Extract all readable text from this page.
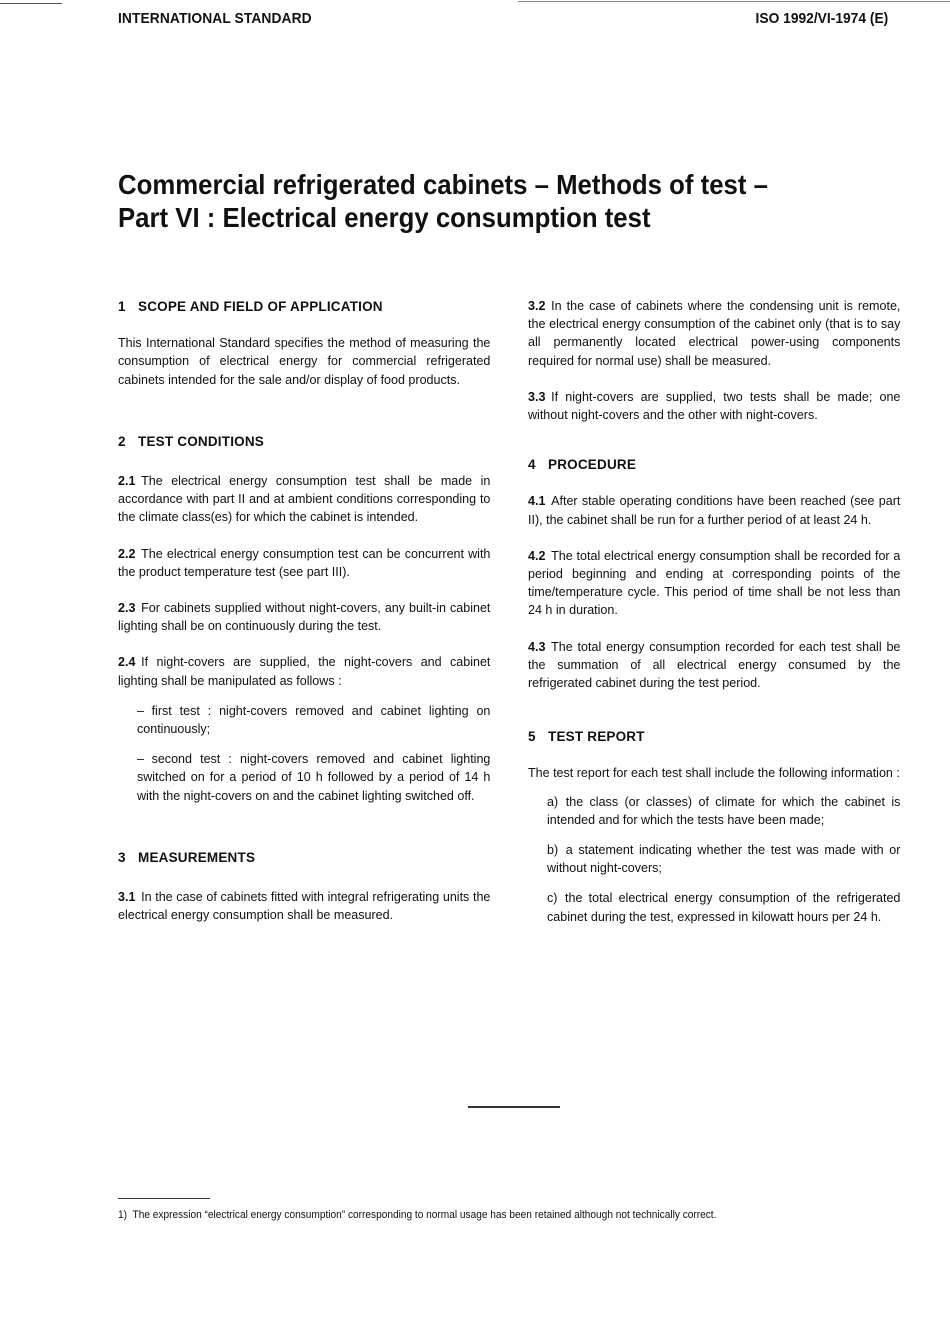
INTERNATIONAL STANDARD	ISO 1992/VI-1974 (E)
Commercial refrigerated cabinets – Methods of test –
Part VI : Electrical energy consumption test
1 SCOPE AND FIELD OF APPLICATION

This International Standard specifies the method of measuring the consumption of electrical energy for commercial refrigerated cabinets intended for the sale and/or display of food products.

2 TEST CONDITIONS

2.1 The electrical energy consumption test shall be made in accordance with part II and at ambient conditions corresponding to the climate class(es) for which the cabinet is intended.

2.2 The electrical energy consumption test can be concurrent with the product temperature test (see part III).

2.3 For cabinets supplied without night-covers, any built-in cabinet lighting shall be on continuously during the test.

2.4 If night-covers are supplied, the night-covers and cabinet lighting shall be manipulated as follows :

– first test : night-covers removed and cabinet lighting on continuously;
– second test : night-covers removed and cabinet lighting switched on for a period of 10 h followed by a period of 14 h with the night-covers on and the cabinet lighting switched off.
3 MEASUREMENTS

3.1 In the case of cabinets fitted with integral refrigerating units the electrical energy consumption shall be measured.

3.2 In the case of cabinets where the condensing unit is remote, the electrical energy consumption of the cabinet only (that is to say all permanently located electrical power-using components required for normal use) shall be measured.

3.3 If night-covers are supplied, two tests shall be made; one without night-covers and the other with night-covers.

4 PROCEDURE

4.1 After stable operating conditions have been reached (see part II), the cabinet shall be run for a further period of at least 24 h.

4.2 The total electrical energy consumption shall be recorded for a period beginning and ending at corresponding points of the time/temperature cycle. This period of time shall be not less than 24 h in duration.

4.3 The total energy consumption recorded for each test shall be the summation of all electrical energy consumed by the refrigerated cabinet during the test period.

5 TEST REPORT

The test report for each test shall include the following information :

a) the class (or classes) of climate for which the cabinet is intended and for which the tests have been made;
b) a statement indicating whether the test was made with or without night-covers;
c) the total electrical energy consumption of the refrigerated cabinet during the test, expressed in kilowatt hours per 24 h.
1) The expression “electrical energy consumption” corresponding to normal usage has been retained although not technically correct.
